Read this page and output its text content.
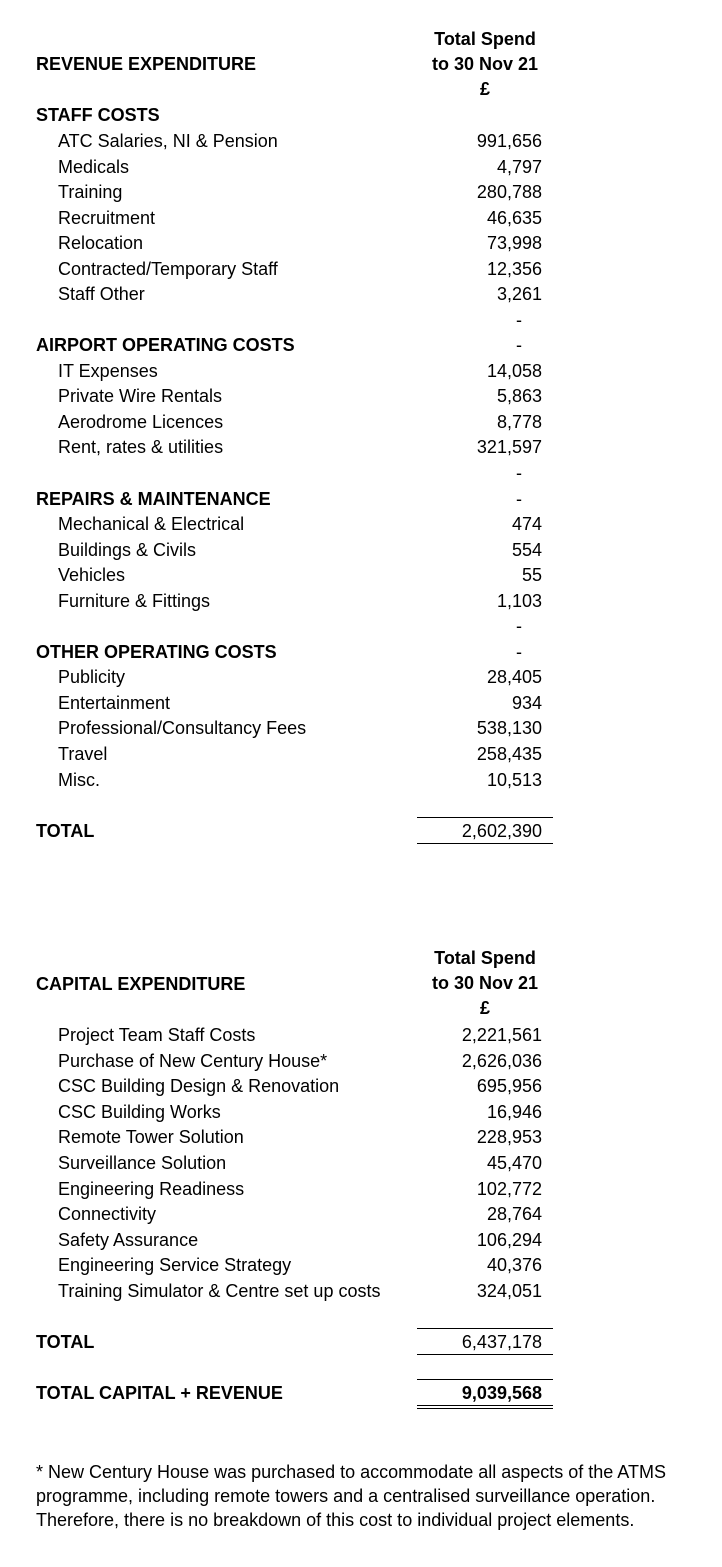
Total Spend
to 30 Nov 21
£
REVENUE EXPENDITURE
STAFF COSTS
ATC Salaries, NI & Pension	991,656
Medicals	4,797
Training	280,788
Recruitment	46,635
Relocation	73,998
Contracted/Temporary Staff	12,356
Staff Other	3,261
-
AIRPORT OPERATING COSTS	-
IT Expenses	14,058
Private Wire Rentals	5,863
Aerodrome Licences	8,778
Rent, rates & utilities	321,597
-
REPAIRS & MAINTENANCE	-
Mechanical & Electrical	474
Buildings & Civils	554
Vehicles	55
Furniture & Fittings	1,103
-
OTHER OPERATING COSTS	-
Publicity	28,405
Entertainment	934
Professional/Consultancy Fees	538,130
Travel	258,435
Misc.	10,513
TOTAL	2,602,390
Total Spend
to 30 Nov 21
£
CAPITAL EXPENDITURE
Project Team Staff Costs	2,221,561
Purchase of New Century House*	2,626,036
CSC Building Design & Renovation	695,956
CSC Building Works	16,946
Remote Tower Solution	228,953
Surveillance Solution	45,470
Engineering Readiness	102,772
Connectivity	28,764
Safety Assurance	106,294
Engineering Service Strategy	40,376
Training Simulator & Centre set up costs	324,051
TOTAL	6,437,178
TOTAL CAPITAL + REVENUE	9,039,568
* New Century House was purchased to accommodate all aspects of the ATMS
programme, including remote towers and a centralised surveillance operation.
Therefore, there is no breakdown of this cost to individual project elements.
